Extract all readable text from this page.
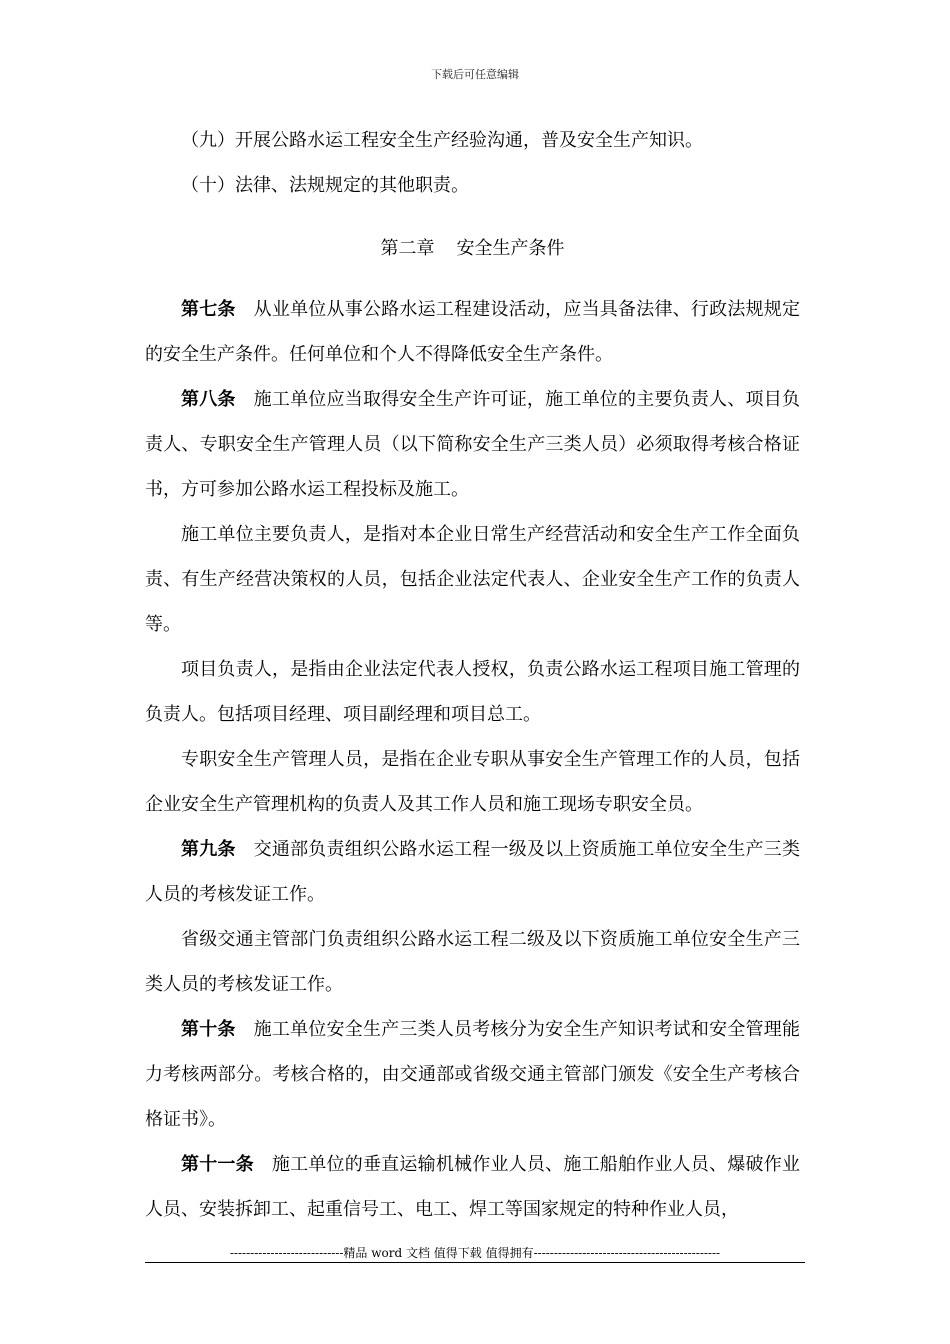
下载后可任意编辑

（九）开展公路水运工程安全生产经验沟通，普及安全生产知识。

（十）法律、法规规定的其他职责。

第二章 安全生产条件

第七条 从业单位从事公路水运工程建设活动，应当具备法律、行政法规规定的安全生产条件。任何单位和个人不得降低安全生产条件。

第八条 施工单位应当取得安全生产许可证，施工单位的主要负责人、项目负责人、专职安全生产管理人员（以下简称安全生产三类人员）必须取得考核合格证书，方可参加公路水运工程投标及施工。

施工单位主要负责人，是指对本企业日常生产经营活动和安全生产工作全面负责、有生产经营决策权的人员，包括企业法定代表人、企业安全生产工作的负责人等。

项目负责人，是指由企业法定代表人授权，负责公路水运工程项目施工管理的负责人。包括项目经理、项目副经理和项目总工。

专职安全生产管理人员，是指在企业专职从事安全生产管理工作的人员，包括企业安全生产管理机构的负责人及其工作人员和施工现场专职安全员。

第九条 交通部负责组织公路水运工程一级及以上资质施工单位安全生产三类人员的考核发证工作。

省级交通主管部门负责组织公路水运工程二级及以下资质施工单位安全生产三类人员的考核发证工作。

第十条 施工单位安全生产三类人员考核分为安全生产知识考试和安全管理能力考核两部分。考核合格的，由交通部或省级交通主管部门颁发《安全生产考核合格证书》。

第十一条 施工单位的垂直运输机械作业人员、施工船舶作业人员、爆破作业人员、安装拆卸工、起重信号工、电工、焊工等国家规定的特种作业人员，

----------------------------精品 word 文档 值得下载 值得拥有----------------------------------------------
